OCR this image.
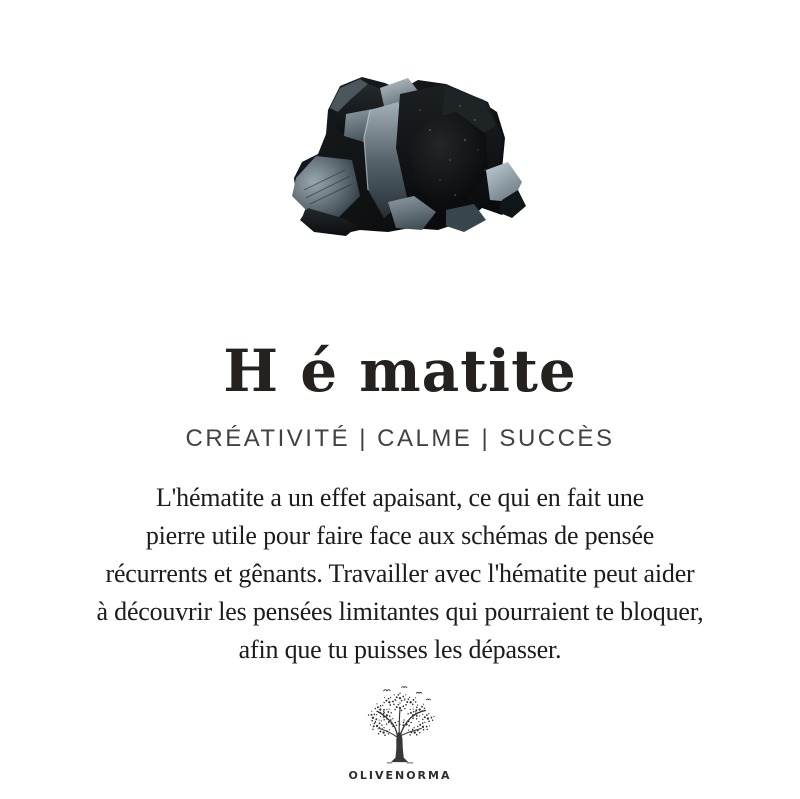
H é matite
CRÉATIVITÉ | CALME | SUCCÈS
L'hématite a un effet apaisant, ce qui en fait une
pierre utile pour faire face aux schémas de pensée
récurrents et gênants. Travailler avec l'hématite peut aider
à découvrir les pensées limitantes qui pourraient te bloquer,
afin que tu puisses les dépasser.
OLIVENORMA
